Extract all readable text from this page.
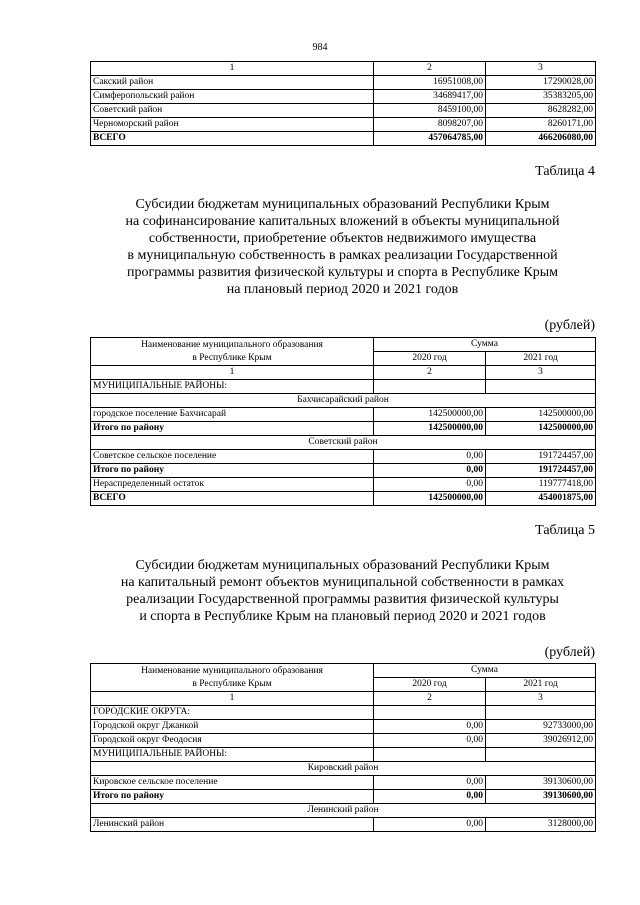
984
1	2	3
Сакский район	16951008,00	17290028,00
Симферопольский район	34689417,00	35383205,00
Советский район	8459100,00	8628282,00
Черноморский район	8098207,00	8260171,00
ВСЕГО	457064785,00	466206080,00
Таблица 4
Субсидии бюджетам муниципальных образований Республики Крым
на софинансирование капитальных вложений в объекты муниципальной
собственности, приобретение объектов недвижимого имущества
в муниципальную собственность в рамках реализации Государственной
программы развития физической культуры и спорта в Республике Крым
на плановый период 2020 и 2021 годов
(рублей)
Наименование муниципального образования
в Республике Крым	Сумма	
	2020 год	2021 год
1	2	3
МУНИЦИПАЛЬНЫЕ РАЙОНЫ:		
Бахчисарайский район		
городское поселение Бахчисарай	142500000,00	142500000,00
Итого по району	142500000,00	142500000,00
Советский район		
Советское сельское поселение	0,00	191724457,00
Итого по району	0,00	191724457,00
Нераспределенный остаток	0,00	119777418,00
ВСЕГО	142500000,00	454001875,00
Таблица 5
Субсидии бюджетам муниципальных образований Республики Крым
на капитальный ремонт объектов муниципальной собственности в рамках
реализации Государственной программы развития физической культуры
и спорта в Республике Крым на плановый период 2020 и 2021 годов
(рублей)
Наименование муниципального образования
в Республике Крым	Сумма	
	2020 год	2021 год
1	2	3
ГОРОДСКИЕ ОКРУГА:		
Городской округ Джанкой	0,00	92733000,00
Городской округ Феодосия	0,00	39026912,00
МУНИЦИПАЛЬНЫЕ РАЙОНЫ:		
Кировский район		
Кировское сельское поселение	0,00	39130600,00
Итого по району	0,00	39130600,00
Ленинский район		
Ленинский район	0,00	3128000,00
